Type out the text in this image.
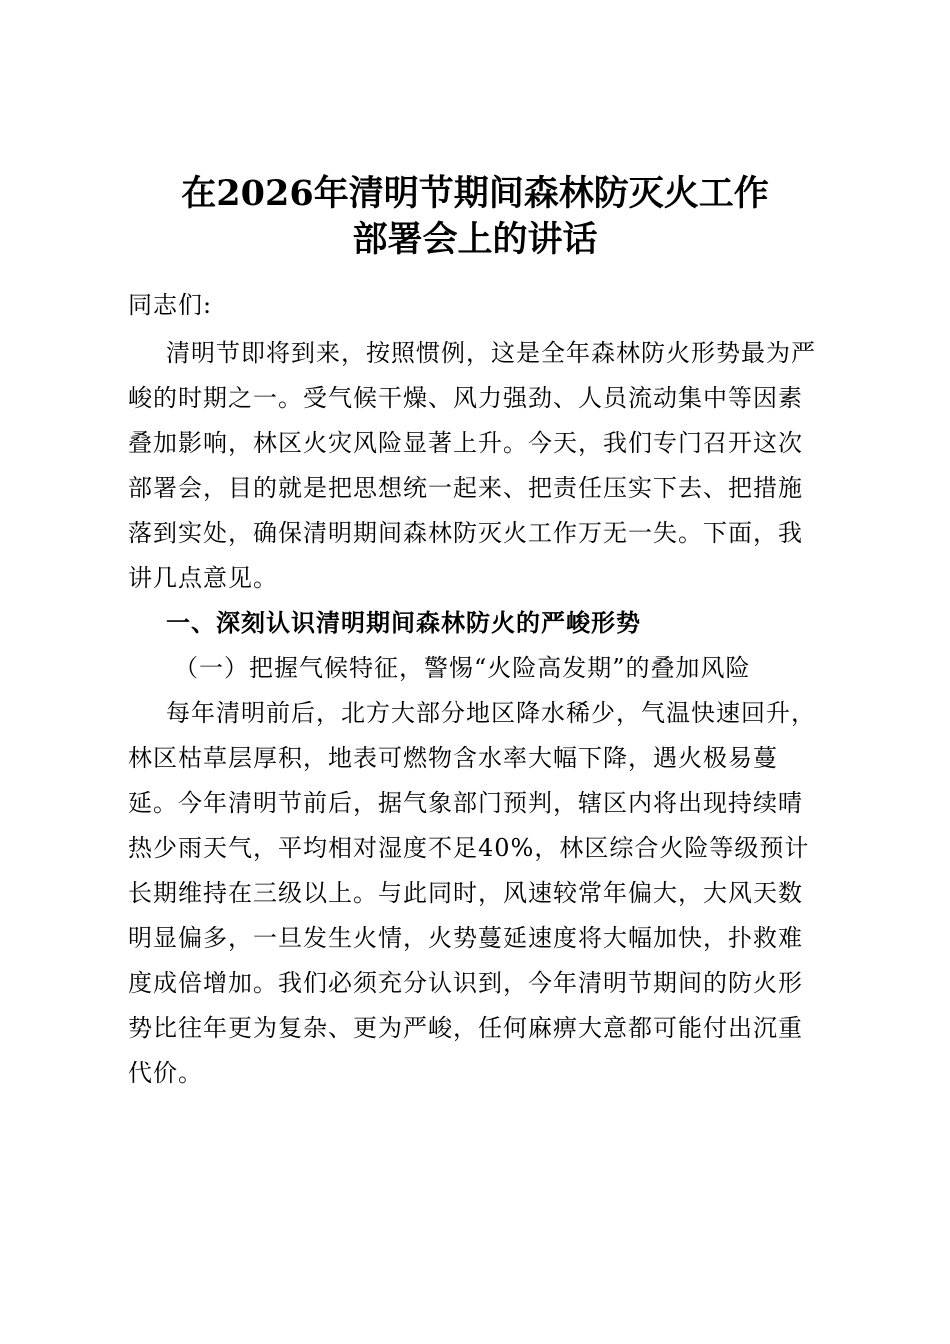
在2026年清明节期间森林防灭火工作
部署会上的讲话
同志们:
清明节即将到来，按照惯例，这是全年森林防火形势最为严
峻的时期之一。受气候干燥、风力强劲、人员流动集中等因素
叠加影响，林区火灾风险显著上升。今天，我们专门召开这次
部署会，目的就是把思想统一起来、把责任压实下去、把措施
落到实处，确保清明期间森林防灭火工作万无一失。下面，我
讲几点意见。
一、深刻认识清明期间森林防火的严峻形势
（一）把握气候特征，警惕“火险高发期”的叠加风险
每年清明前后，北方大部分地区降水稀少，气温快速回升，
林区枯草层厚积，地表可燃物含水率大幅下降，遇火极易蔓
延。今年清明节前后，据气象部门预判，辖区内将出现持续晴
热少雨天气，平均相对湿度不足40%，林区综合火险等级预计
长期维持在三级以上。与此同时，风速较常年偏大，大风天数
明显偏多，一旦发生火情，火势蔓延速度将大幅加快，扑救难
度成倍增加。我们必须充分认识到，今年清明节期间的防火形
势比往年更为复杂、更为严峻，任何麻痹大意都可能付出沉重
代价。
